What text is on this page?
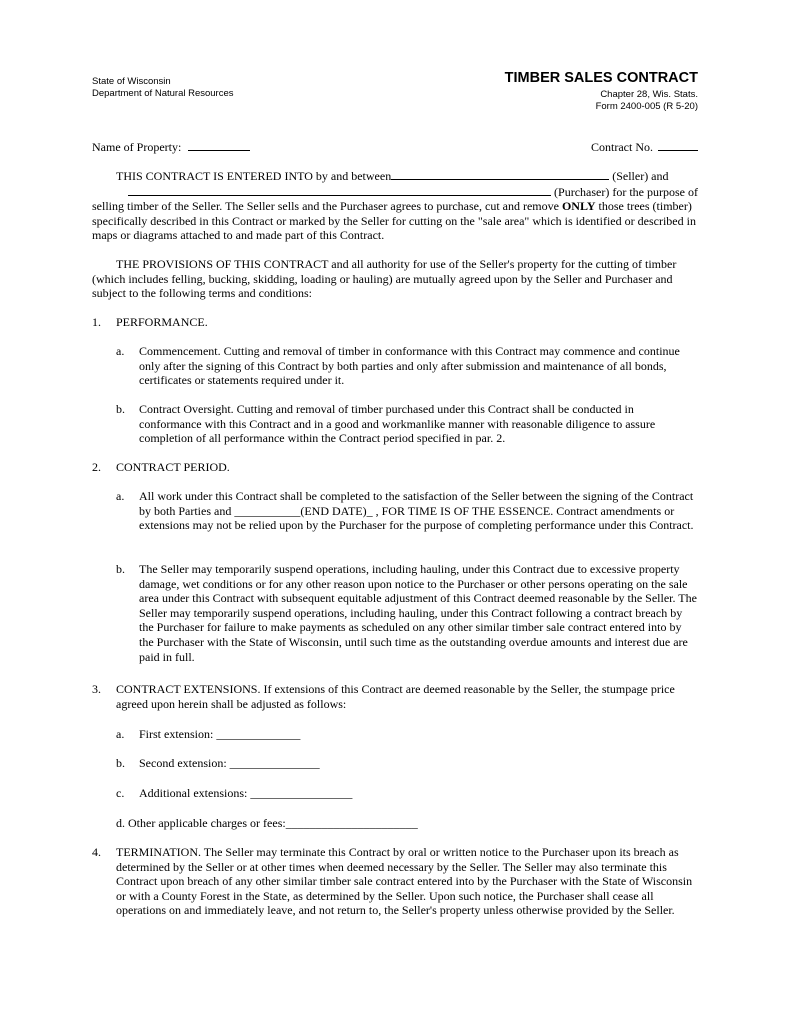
State of Wisconsin
Department of Natural Resources
TIMBER SALES CONTRACT
Chapter 28, Wis. Stats.
Form 2400-005 (R 5-20)
Name of Property:	Contract No.
THIS CONTRACT IS ENTERED INTO by and between	(Seller) and
(Purchaser) for the purpose of
selling timber of the Seller. The Seller sells and the Purchaser agrees to purchase, cut and remove ONLY those trees (timber) specifically described in this Contract or marked by the Seller for cutting on the "sale area" which is identified or described in maps or diagrams attached to and made part of this Contract.
THE PROVISIONS OF THIS CONTRACT and all authority for use of the Seller's property for the cutting of timber (which includes felling, bucking, skidding, loading or hauling) are mutually agreed upon by the Seller and Purchaser and subject to the following terms and conditions:
1. PERFORMANCE.
a. Commencement. Cutting and removal of timber in conformance with this Contract may commence and continue only after the signing of this Contract by both parties and only after submission and maintenance of all bonds, certificates or statements required under it.
b. Contract Oversight. Cutting and removal of timber purchased under this Contract shall be conducted in conformance with this Contract and in a good and workmanlike manner with reasonable diligence to assure completion of all performance within the Contract period specified in par. 2.
2. CONTRACT PERIOD.
a. All work under this Contract shall be completed to the satisfaction of the Seller between the signing of the Contract by both Parties and ___________(END DATE)_ , FOR TIME IS OF THE ESSENCE. Contract amendments or extensions may not be relied upon by the Purchaser for the purpose of completing performance under this Contract.
b. The Seller may temporarily suspend operations, including hauling, under this Contract due to excessive property damage, wet conditions or for any other reason upon notice to the Purchaser or other persons operating on the sale area under this Contract with subsequent equitable adjustment of this Contract deemed reasonable by the Seller. The Seller may temporarily suspend operations, including hauling, under this Contract following a contract breach by the Purchaser for failure to make payments as scheduled on any other similar timber sale contract entered into by the Purchaser with the State of Wisconsin, until such time as the outstanding overdue amounts and interest due are paid in full.
3. CONTRACT EXTENSIONS. If extensions of this Contract are deemed reasonable by the Seller, the stumpage price agreed upon herein shall be adjusted as follows:
a. First extension: ______________
b. Second extension: _______________
c. Additional extensions: _________________
d. Other applicable charges or fees:______________________
4. TERMINATION. The Seller may terminate this Contract by oral or written notice to the Purchaser upon its breach as determined by the Seller or at other times when deemed necessary by the Seller. The Seller may also terminate this Contract upon breach of any other similar timber sale contract entered into by the Purchaser with the State of Wisconsin or with a County Forest in the State, as determined by the Seller. Upon such notice, the Purchaser shall cease all operations on and immediately leave, and not return to, the Seller's property unless otherwise provided by the Seller.
